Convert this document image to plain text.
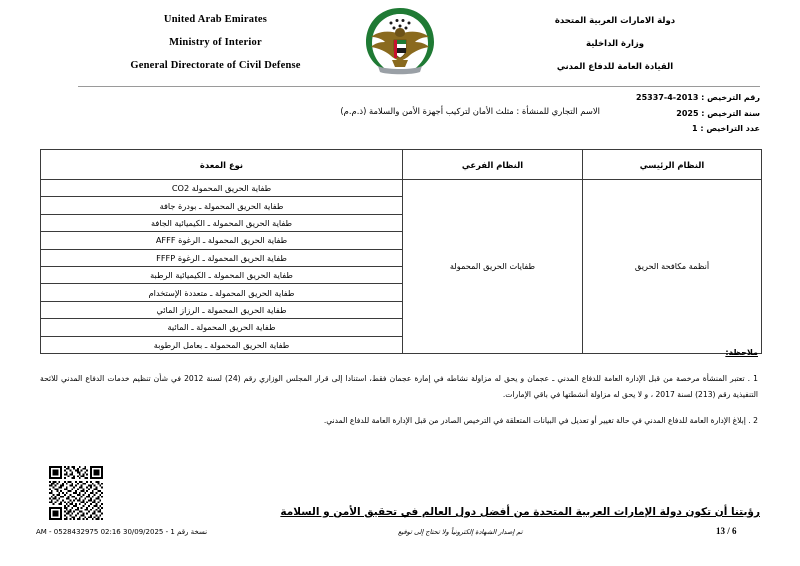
United Arab Emirates
Ministry of Interior
General Directorate of Civil Defense
دولة الامارات العربية المتحدة
وزارة الداخلية
القيادة العامة للدفاع المدني
رقم الترخيص : 2013-4-25337
سنة الترخيص : 2025
عدد التراخيص : 1
الاسم التجاري للمنشأة : مثلث الأمان لتركيب أجهزة الأمن والسلامة (ذ.م.م)
النظام الرئيسي	النظام الفرعي	نوع المعدة
أنظمة مكافحة الحريق	طفايات الحريق المحمولة	طفاية الحريق المحمولة CO2
		طفاية الحريق المحمولة ـ بودرة جافة
		طفاية الحريق المحمولة ـ الكيميائية الجافة
		طفاية الحريق المحمولة ـ الرغوة AFFF
		طفاية الحريق المحمولة ـ الرغوة FFFP
		طفاية الحريق المحمولة ـ الكيميائية الرطبة
		طفاية الحريق المحمولة ـ متعددة الإستخدام
		طفاية الحريق المحمولة ـ الرزاز المائي
		طفاية الحريق المحمولة ـ المائية
		طفاية الحريق المحمولة ـ بعامل الرطوبة
ملاحظة:
1 . تعتبر المنشأة مرخصة من قبل الإدارة العامة للدفاع المدني ـ عجمان و يحق له مزاولة نشاطه في إمارة عجمان فقط، استنادا إلى قرار المجلس الوزاري رقم (24) لسنة 2012 في شأن تنظيم خدمات الدفاع المدني للائحة التنفيذية رقم (213) لسنة 2017 ، و لا يحق له مزاولة أنشطتها في باقي الإمارات.
2 . إبلاغ الإدارة العامة للدفاع المدني في حالة تغيير أو تعديل في البيانات المتعلقة في الترخيص الصادر من قبل الإدارة العامة للدفاع المدني.
رؤيتنا أن تكون دولة الإمارات العربية المتحدة من أفضل دول العالم في تحقيق الأمن و السلامة
تم إصدار الشهادة إلكترونياً ولا تحتاج إلى توقيع
نسخة رقم 1 - 30/09/2025 02:16 AM - 0528432975	13 / 6
